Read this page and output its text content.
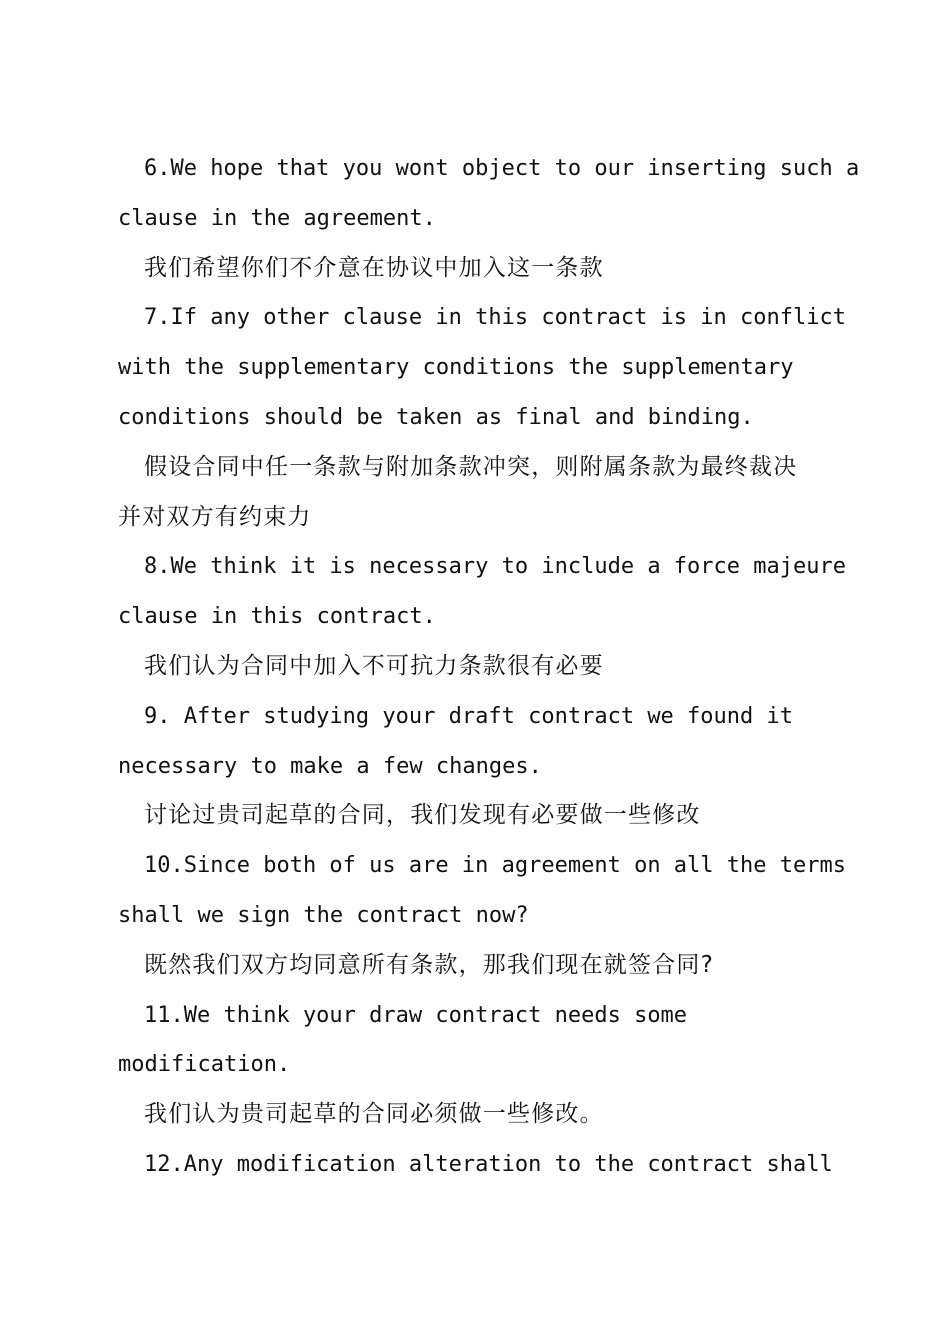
6.We hope that you wont object to our inserting such a
clause in the agreement.
我们希望你们不介意在协议中加入这一条款
7.If any other clause in this contract is in conflict
with the supplementary conditions the supplementary
conditions should be taken as final and binding.
假设合同中任一条款与附加条款冲突，则附属条款为最终裁决
并对双方有约束力
8.We think it is necessary to include a force majeure
clause in this contract.
我们认为合同中加入不可抗力条款很有必要
9. After studying your draft contract we found it
necessary to make a few changes.
讨论过贵司起草的合同，我们发现有必要做一些修改
10.Since both of us are in agreement on all the terms
shall we sign the contract now?
既然我们双方均同意所有条款，那我们现在就签合同?
11.We think your draw contract needs some
modification.
我们认为贵司起草的合同必须做一些修改。
12.Any modification alteration to the contract shall
